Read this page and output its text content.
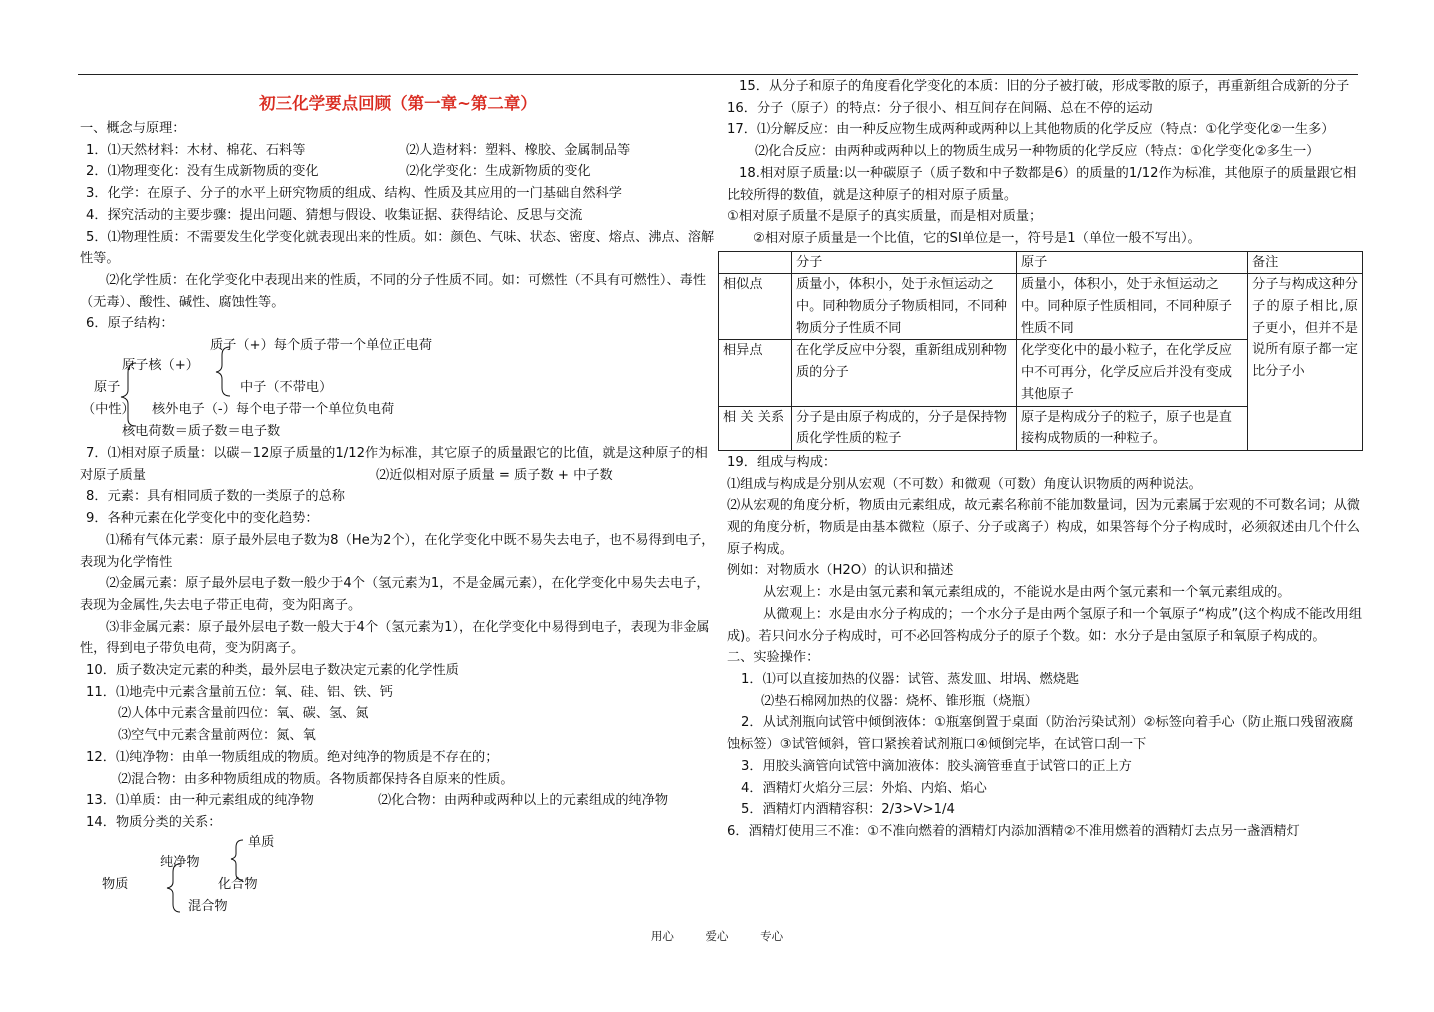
初三化学要点回顾（第一章~第二章）
一、概念与原理：
1．⑴天然材料：木材、棉花、石料等	⑵人造材料：塑料、橡胶、金属制品等
2．⑴物理变化：没有生成新物质的变化	⑵化学变化：生成新物质的变化
3．化学：在原子、分子的水平上研究物质的组成、结构、性质及其应用的一门基础自然科学
4．探究活动的主要步骤：提出问题、猜想与假设、收集证据、获得结论、反思与交流
5．⑴物理性质：不需要发生化学变化就表现出来的性质。如：颜色、气味、状态、密度、熔点、沸点、溶解性等。
⑵化学性质：在化学变化中表现出来的性质，不同的分子性质不同。如：可燃性（不具有可燃性）、毒性（无毒）、酸性、碱性、腐蚀性等。
6．原子结构：
质子（+）每个质子带一个单位正电荷
原子核（+）
中子（不带电）
原子
（中性） 核外电子（-）每个电子带一个单位负电荷
核电荷数＝质子数＝电子数
7．⑴相对原子质量：以碳－12原子质量的1/12作为标准，其它原子的质量跟它的比值，就是这种原子的相对原子质量	⑵近似相对原子质量 = 质子数 + 中子数
8．元素：具有相同质子数的一类原子的总称
9．各种元素在化学变化中的变化趋势：
⑴稀有气体元素：原子最外层电子数为8（He为2个），在化学变化中既不易失去电子，也不易得到电子，表现为化学惰性
⑵金属元素：原子最外层电子数一般少于4个（氢元素为1，不是金属元素），在化学变化中易失去电子，表现为金属性,失去电子带正电荷，变为阳离子。
⑶非金属元素：原子最外层电子数一般大于4个（氢元素为1），在化学变化中易得到电子，表现为非金属性，得到电子带负电荷，变为阴离子。
10．质子数决定元素的种类，最外层电子数决定元素的化学性质
11．⑴地壳中元素含量前五位：氧、硅、铝、铁、钙
⑵人体中元素含量前四位：氧、碳、氢、氮
⑶空气中元素含量前两位：氮、氧
12．⑴纯净物：由单一物质组成的物质。绝对纯净的物质是不存在的；
⑵混合物：由多种物质组成的物质。各物质都保持各自原来的性质。
13．⑴单质：由一种元素组成的纯净物	⑵化合物：由两种或两种以上的元素组成的纯净物
14．物质分类的关系：
单质
纯净物
物质	化合物
混合物
15．从分子和原子的角度看化学变化的本质：旧的分子被打破，形成零散的原子，再重新组合成新的分子
16．分子（原子）的特点：分子很小、相互间存在间隔、总在不停的运动
17．⑴分解反应：由一种反应物生成两种或两种以上其他物质的化学反应（特点：①化学变化②一生多）
⑵化合反应：由两种或两种以上的物质生成另一种物质的化学反应（特点：①化学变化②多生一）
18.相对原子质量:以一种碳原子（质子数和中子数都是6）的质量的1/12作为标准，其他原子的质量跟它相比较所得的数值，就是这种原子的相对原子质量。
①相对原子质量不是原子的真实质量，而是相对质量；
②相对原子质量是一个比值，它的SI单位是一，符号是1（单位一般不写出）。
	分子	原子	备注
相似点	质量小，体积小，处于永恒运动之中。同种物质分子物质相同，不同种物质分子性质不同	质量小，体积小，处于永恒运动之中。同种原子性质相同，不同种原子性质不同	分子与构成这种分子的原子相比,原子更小，但并不是说所有原子都一定比分子小
相异点	在化学反应中分裂，重新组成别种物质的分子	化学变化中的最小粒子，在化学反应中不可再分，化学反应后并没有变成其他原子	
相 关 关系	分子是由原子构成的，分子是保持物质化学性质的粒子	原子是构成分子的粒子，原子也是直接构成物质的一种粒子。	
19．组成与构成：
⑴组成与构成是分别从宏观（不可数）和微观（可数）角度认识物质的两种说法。
⑵从宏观的角度分析，物质由元素组成，故元素名称前不能加数量词，因为元素属于宏观的不可数名词；从微观的角度分析，物质是由基本微粒（原子、分子或离子）构成，如果答每个分子构成时，必须叙述由几个什么原子构成。
例如：对物质水（H2O）的认识和描述
从宏观上：水是由氢元素和氧元素组成的，不能说水是由两个氢元素和一个氧元素组成的。
从微观上：水是由水分子构成的；一个水分子是由两个氢原子和一个氧原子“构成”(这个构成不能改用组成)。若只问水分子构成时，可不必回答构成分子的原子个数。如：水分子是由氢原子和氧原子构成的。
二、实验操作：
1．⑴可以直接加热的仪器：试管、蒸发皿、坩埚、燃烧匙
⑵垫石棉网加热的仪器：烧杯、锥形瓶（烧瓶）
2．从试剂瓶向试管中倾倒液体：①瓶塞倒置于桌面（防治污染试剂）②标签向着手心（防止瓶口残留液腐蚀标签）③试管倾斜，管口紧挨着试剂瓶口④倾倒完毕，在试管口刮一下
3．用胶头滴管向试管中滴加液体：胶头滴管垂直于试管口的正上方
4．酒精灯火焰分三层：外焰、内焰、焰心
5．酒精灯内酒精容积：2/3>V>1/4
6．酒精灯使用三不准：①不准向燃着的酒精灯内添加酒精②不准用燃着的酒精灯去点另一盏酒精灯
用心	爱心	专心
